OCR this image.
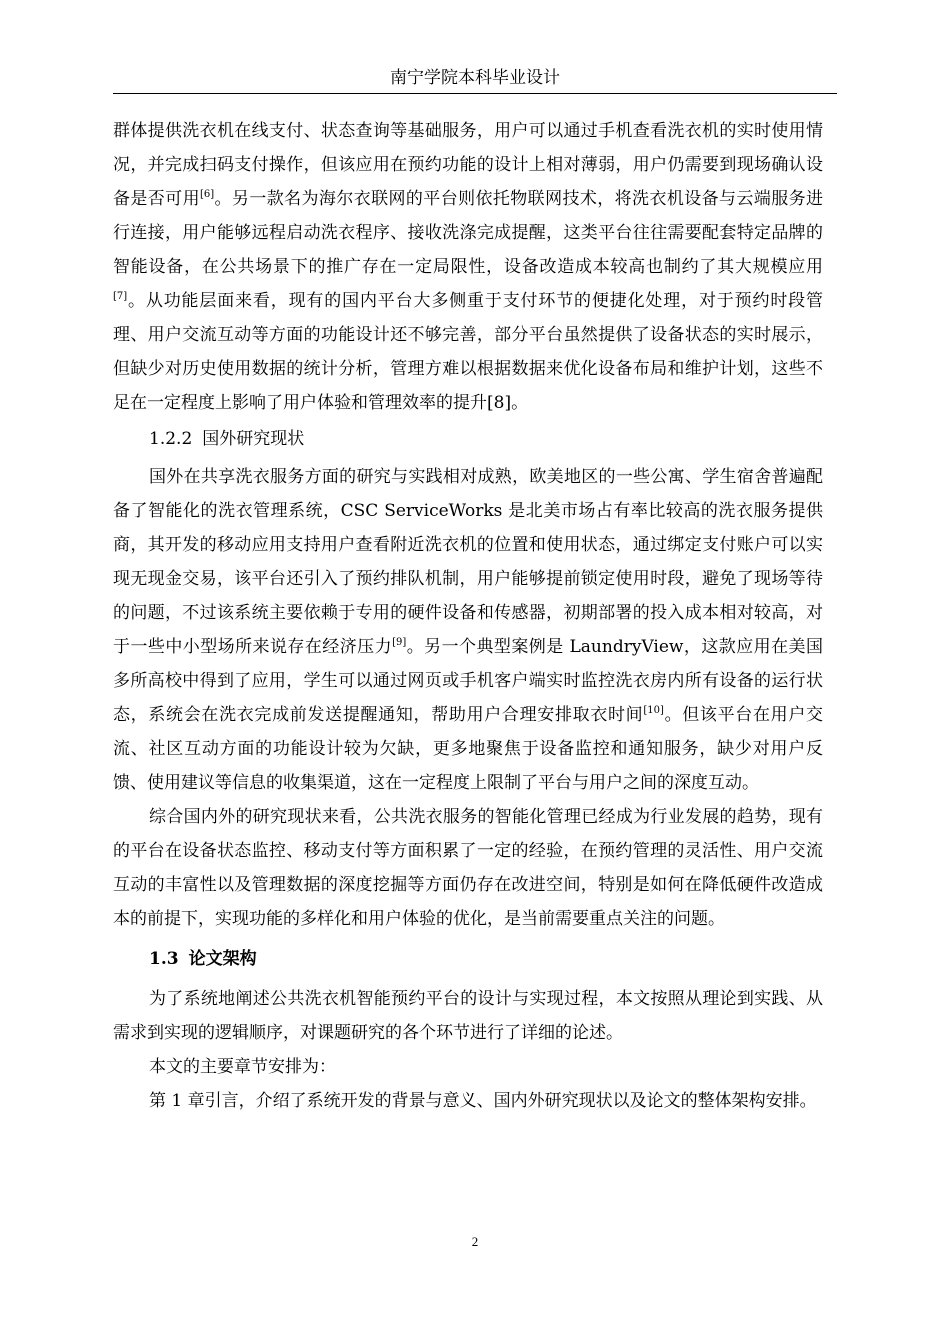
南宁学院本科毕业设计

群体提供洗衣机在线支付、状态查询等基础服务，用户可以通过手机查看洗衣机的实时使用情况，并完成扫码支付操作，但该应用在预约功能的设计上相对薄弱，用户仍需要到现场确认设备是否可用[6]。另一款名为海尔衣联网的平台则依托物联网技术，将洗衣机设备与云端服务进行连接，用户能够远程启动洗衣程序、接收洗涤完成提醒，这类平台往往需要配套特定品牌的智能设备，在公共场景下的推广存在一定局限性，设备改造成本较高也制约了其大规模应用[7]。从功能层面来看，现有的国内平台大多侧重于支付环节的便捷化处理，对于预约时段管理、用户交流互动等方面的功能设计还不够完善，部分平台虽然提供了设备状态的实时展示，但缺少对历史使用数据的统计分析，管理方难以根据数据来优化设备布局和维护计划，这些不足在一定程度上影响了用户体验和管理效率的提升[8]。

1.2.2 国外研究现状

国外在共享洗衣服务方面的研究与实践相对成熟，欧美地区的一些公寓、学生宿舍普遍配备了智能化的洗衣管理系统，CSC ServiceWorks 是北美市场占有率比较高的洗衣服务提供商，其开发的移动应用支持用户查看附近洗衣机的位置和使用状态，通过绑定支付账户可以实现无现金交易，该平台还引入了预约排队机制，用户能够提前锁定使用时段，避免了现场等待的问题，不过该系统主要依赖于专用的硬件设备和传感器，初期部署的投入成本相对较高，对于一些中小型场所来说存在经济压力[9]。另一个典型案例是 LaundryView，这款应用在美国多所高校中得到了应用，学生可以通过网页或手机客户端实时监控洗衣房内所有设备的运行状态，系统会在洗衣完成前发送提醒通知，帮助用户合理安排取衣时间[10]。但该平台在用户交流、社区互动方面的功能设计较为欠缺，更多地聚焦于设备监控和通知服务，缺少对用户反馈、使用建议等信息的收集渠道，这在一定程度上限制了平台与用户之间的深度互动。

综合国内外的研究现状来看，公共洗衣服务的智能化管理已经成为行业发展的趋势，现有的平台在设备状态监控、移动支付等方面积累了一定的经验，在预约管理的灵活性、用户交流互动的丰富性以及管理数据的深度挖掘等方面仍存在改进空间，特别是如何在降低硬件改造成本的前提下，实现功能的多样化和用户体验的优化，是当前需要重点关注的问题。

1.3 论文架构

为了系统地阐述公共洗衣机智能预约平台的设计与实现过程，本文按照从理论到实践、从需求到实现的逻辑顺序，对课题研究的各个环节进行了详细的论述。

本文的主要章节安排为：

第 1 章引言，介绍了系统开发的背景与意义、国内外研究现状以及论文的整体架构安排。

2
